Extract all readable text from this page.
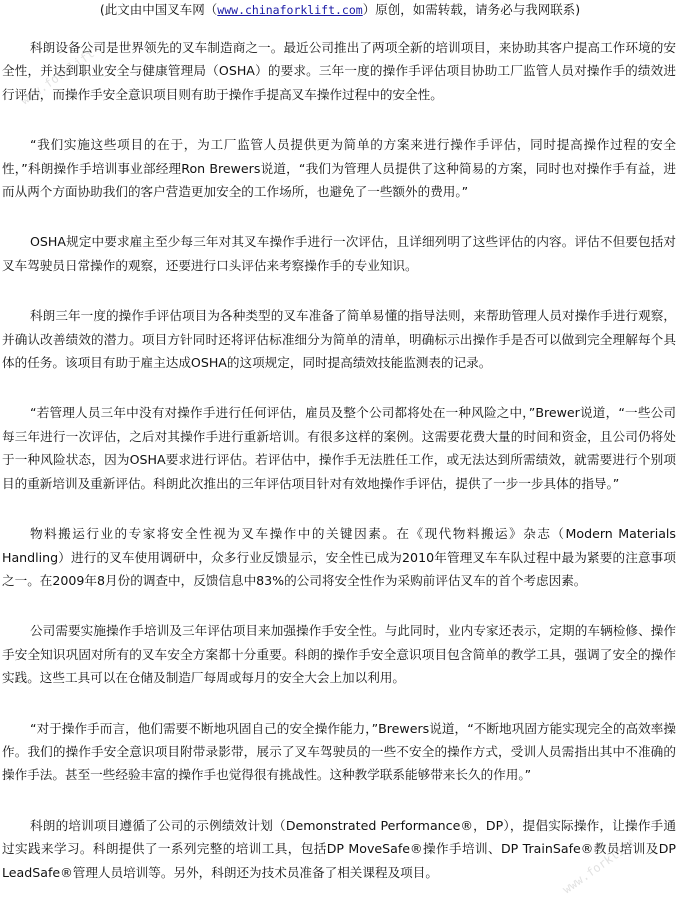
www.forklift
www.forklift
(此文由中国叉车网（www.chinaforklift.com）原创，如需转载，请务必与我网联系)

科朗设备公司是世界领先的叉车制造商之一。最近公司推出了两项全新的培训项目，来协助其客户提高工作环境的安全性，并达到职业安全与健康管理局（OSHA）的要求。三年一度的操作手评估项目协助工厂监管人员对操作手的绩效进行评估，而操作手安全意识项目则有助于操作手提高叉车操作过程中的安全性。

“我们实施这些项目的在于，为工厂监管人员提供更为简单的方案来进行操作手评估，同时提高操作过程的安全性，”科朗操作手培训事业部经理Ron Brewers说道，“我们为管理人员提供了这种简易的方案，同时也对操作手有益，进而从两个方面协助我们的客户营造更加安全的工作场所，也避免了一些额外的费用。”

OSHA规定中要求雇主至少每三年对其叉车操作手进行一次评估，且详细列明了这些评估的内容。评估不但要包括对叉车驾驶员日常操作的观察，还要进行口头评估来考察操作手的专业知识。

科朗三年一度的操作手评估项目为各种类型的叉车准备了简单易懂的指导法则，来帮助管理人员对操作手进行观察，并确认改善绩效的潜力。项目方针同时还将评估标准细分为简单的清单，明确标示出操作手是否可以做到完全理解每个具体的任务。该项目有助于雇主达成OSHA的这项规定，同时提高绩效技能监测表的记录。

“若管理人员三年中没有对操作手进行任何评估，雇员及整个公司都将处在一种风险之中，”Brewer说道，“一些公司每三年进行一次评估，之后对其操作手进行重新培训。有很多这样的案例。这需要花费大量的时间和资金，且公司仍将处于一种风险状态，因为OSHA要求进行评估。若评估中，操作手无法胜任工作，或无法达到所需绩效，就需要进行个别项目的重新培训及重新评估。科朗此次推出的三年评估项目针对有效地操作手评估，提供了一步一步具体的指导。”

物料搬运行业的专家将安全性视为叉车操作中的关键因素。在《现代物料搬运》杂志（Modern Materials Handling）进行的叉车使用调研中，众多行业反馈显示，安全性已成为2010年管理叉车车队过程中最为紧要的注意事项之一。在2009年8月份的调查中，反馈信息中83%的公司将安全性作为采购前评估叉车的首个考虑因素。

公司需要实施操作手培训及三年评估项目来加强操作手安全性。与此同时，业内专家还表示，定期的车辆检修、操作手安全知识巩固对所有的叉车安全方案都十分重要。科朗的操作手安全意识项目包含简单的教学工具，强调了安全的操作实践。这些工具可以在仓储及制造厂每周或每月的安全大会上加以利用。

“对于操作手而言，他们需要不断地巩固自己的安全操作能力，”Brewers说道，“不断地巩固方能实现完全的高效率操作。我们的操作手安全意识项目附带录影带，展示了叉车驾驶员的一些不安全的操作方式，受训人员需指出其中不准确的操作手法。甚至一些经验丰富的操作手也觉得很有挑战性。这种教学联系能够带来长久的作用。”

科朗的培训项目遵循了公司的示例绩效计划（Demonstrated Performance®，DP），提倡实际操作，让操作手通过实践来学习。科朗提供了一系列完整的培训工具，包括DP MoveSafe®操作手培训、DP TrainSafe®教员培训及DP LeadSafe®管理人员培训等。另外，科朗还为技术员准备了相关课程及项目。
